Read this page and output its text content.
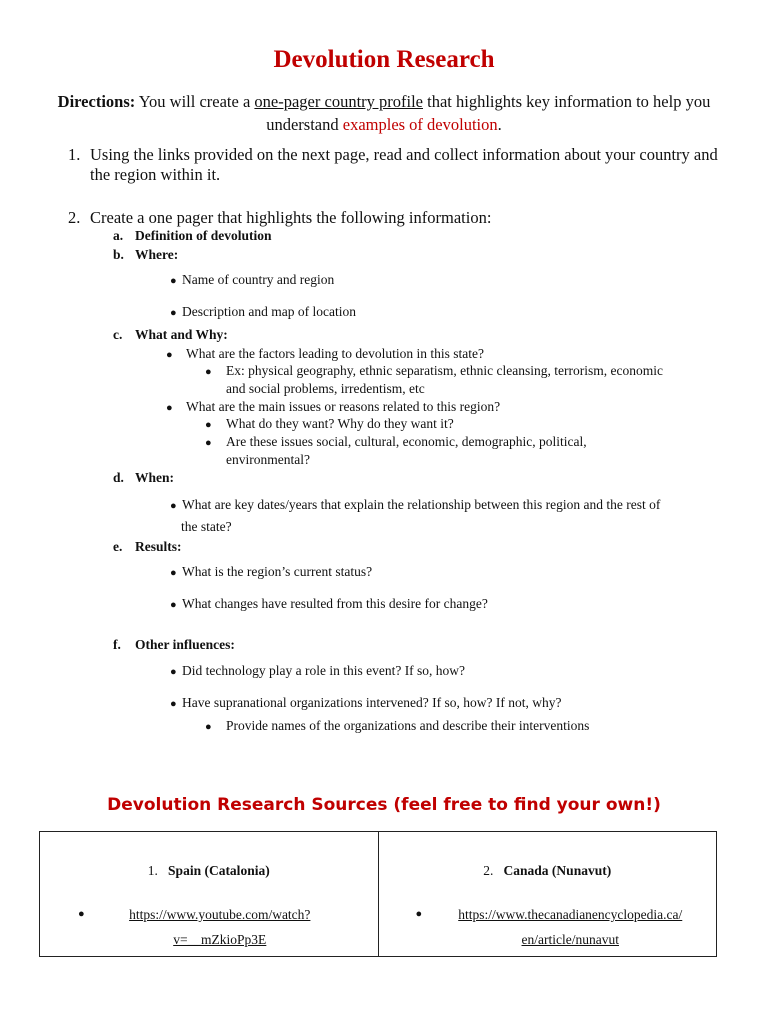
Devolution Research
Directions: You will create a one-pager country profile that highlights key information to help you understand examples of devolution.
1. Using the links provided on the next page, read and collect information about your country and the region within it.
2. Create a one pager that highlights the following information:
a. Definition of devolution
b. Where:
● Name of country and region
● Description and map of location
c. What and Why:
● What are the factors leading to devolution in this state?
● Ex: physical geography, ethnic separatism, ethnic cleansing, terrorism, economic
and social problems, irredentism, etc
● What are the main issues or reasons related to this region?
● What do they want? Why do they want it?
● Are these issues social, cultural, economic, demographic, political,
environmental?
d. When:
● What are key dates/years that explain the relationship between this region and the rest of
the state?
e. Results:
● What is the region’s current status?
● What changes have resulted from this desire for change?
f. Other influences:
● Did technology play a role in this event? If so, how?
● Have supranational organizations intervened? If so, how? If not, why?
● Provide names of the organizations and describe their interventions
Devolution Research Sources (feel free to find your own!)
1. Spain (Catalonia)
●	https://www.youtube.com/watch?
v=__mZkioPp3E

2. Canada (Nunavut)
●	https://www.thecanadianencyclopedia.ca/
en/article/nunavut
